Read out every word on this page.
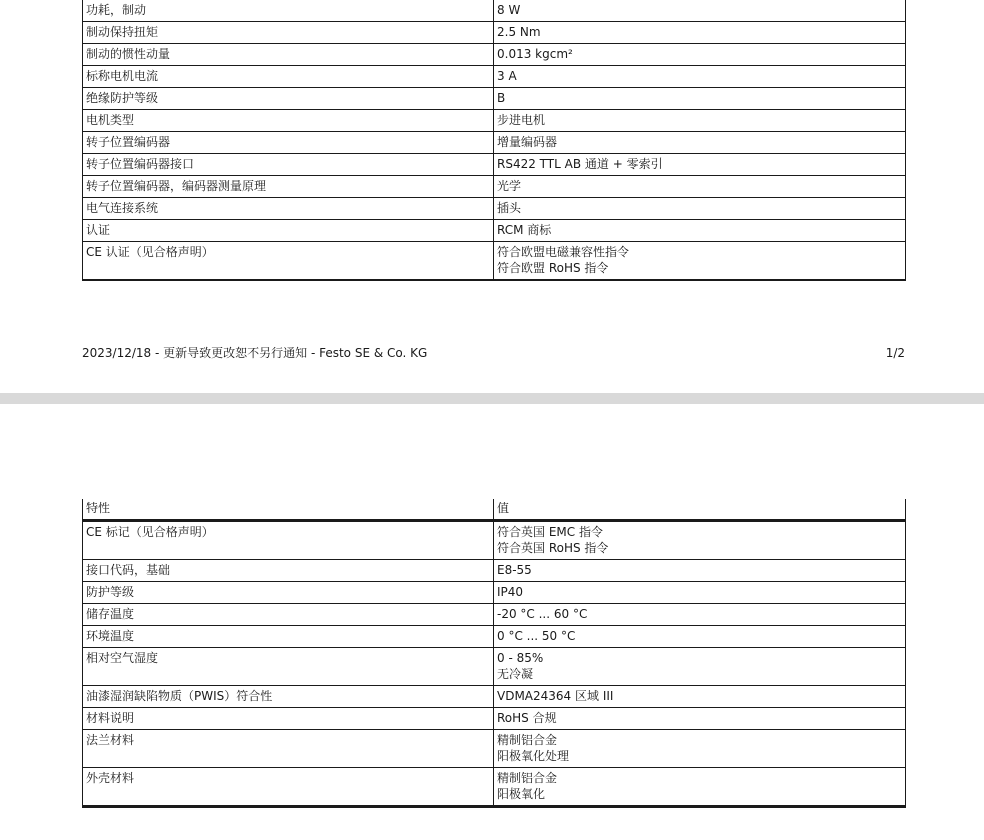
功耗，制动	8 W
制动保持扭矩	2.5 Nm
制动的惯性动量	0.013 kgcm²
标称电机电流	3 A
绝缘防护等级	B
电机类型	步进电机
转子位置编码器	增量编码器
转子位置编码器接口	RS422 TTL AB 通道 + 零索引
转子位置编码器，编码器测量原理	光学
电气连接系统	插头
认证	RCM 商标
CE 认证（见合格声明）	符合欧盟电磁兼容性指令
符合欧盟 RoHS 指令
2023/12/18 - 更新导致更改恕不另行通知 - Festo SE & Co. KG	1/2
特性	值
CE 标记（见合格声明）	符合英国 EMC 指令
符合英国 RoHS 指令
接口代码，基础	E8-55
防护等级	IP40
储存温度	-20 °C ... 60 °C
环境温度	0 °C ... 50 °C
相对空气湿度	0 - 85%
无冷凝
油漆湿润缺陷物质（PWIS）符合性	VDMA24364 区域 III
材料说明	RoHS 合规
法兰材料	精制铝合金
阳极氧化处理
外壳材料	精制铝合金
阳极氧化
